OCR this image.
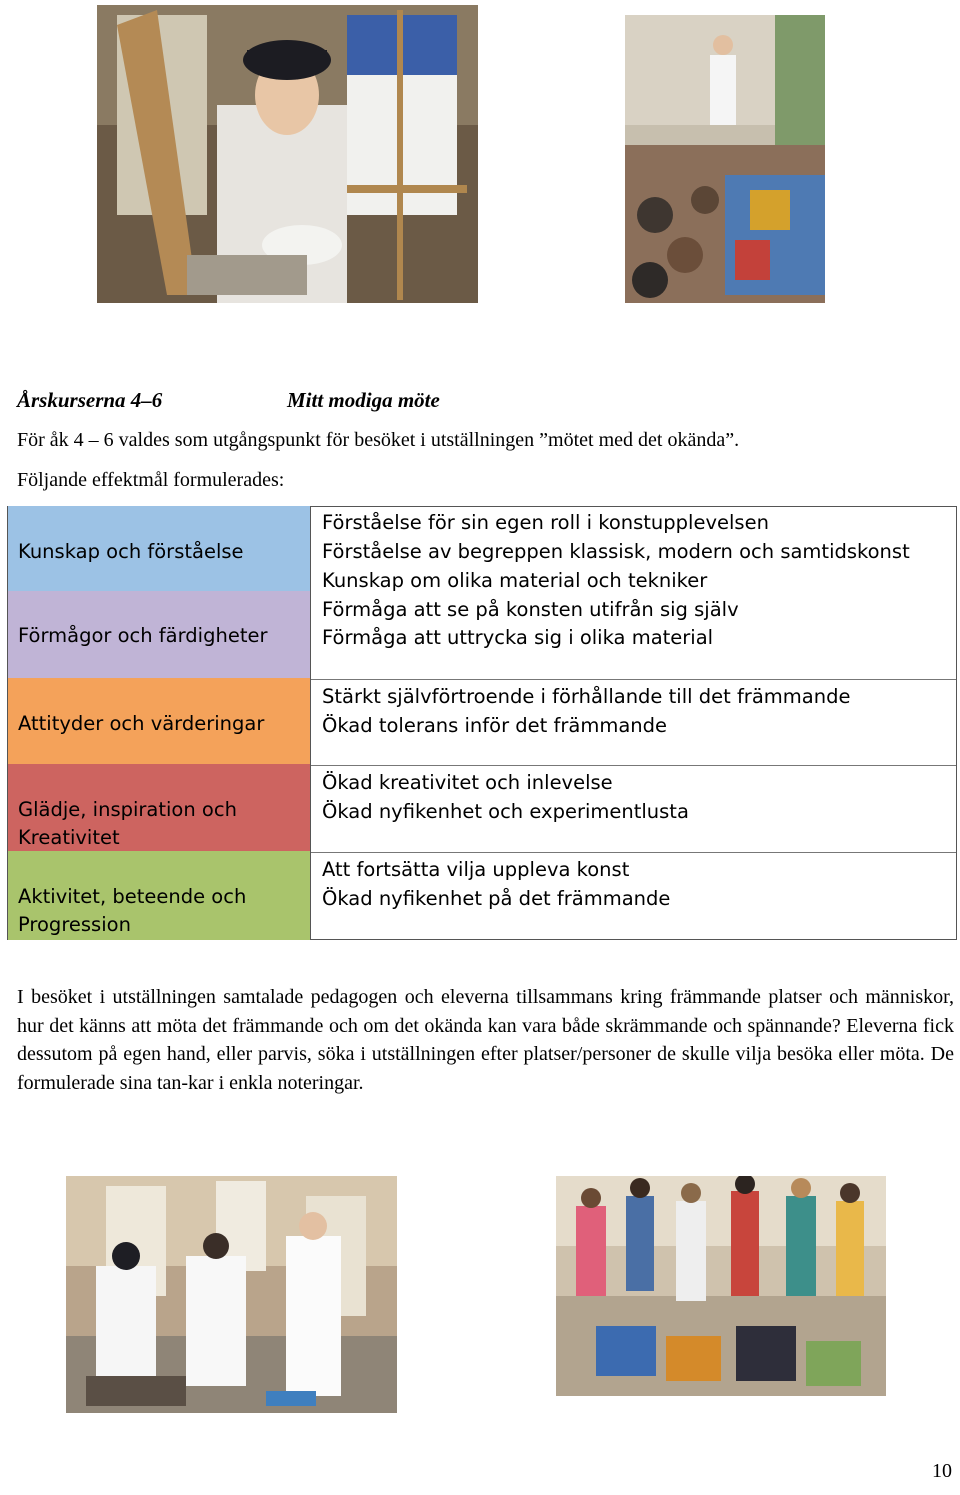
Årskurserna 4–6	Mitt modiga möte
För åk 4 – 6 valdes som utgångspunkt för besöket i utställningen ”mötet med det okända”.
Följande effektmål formulerades:
Kunskap och förståelse
Förmågor och färdigheter
Attityder och värderingar
Glädje, inspiration och
Kreativitet
Aktivitet, beteende och
Progression
Förståelse för sin egen roll i konstupplevelsen
Förståelse av begreppen klassisk, modern och samtidskonst
Kunskap om olika material och tekniker
Förmåga att se på konsten utifrån sig själv
Förmåga att uttrycka sig i olika material
Stärkt självförtroende i förhållande till det främmande
Ökad tolerans inför det främmande
Ökad kreativitet och inlevelse
Ökad nyfikenhet och experimentlusta
Att fortsätta vilja uppleva konst
Ökad nyfikenhet på det främmande
I besöket i utställningen samtalade pedagogen och eleverna tillsammans kring främmande platser och människor, hur det känns att möta det främmande och om det okända kan vara både skrämmande och spännande? Eleverna fick dessutom på egen hand, eller parvis, söka i utställningen efter platser/personer de skulle vilja besöka eller möta. De formulerade sina tan-kar i enkla noteringar.
10
